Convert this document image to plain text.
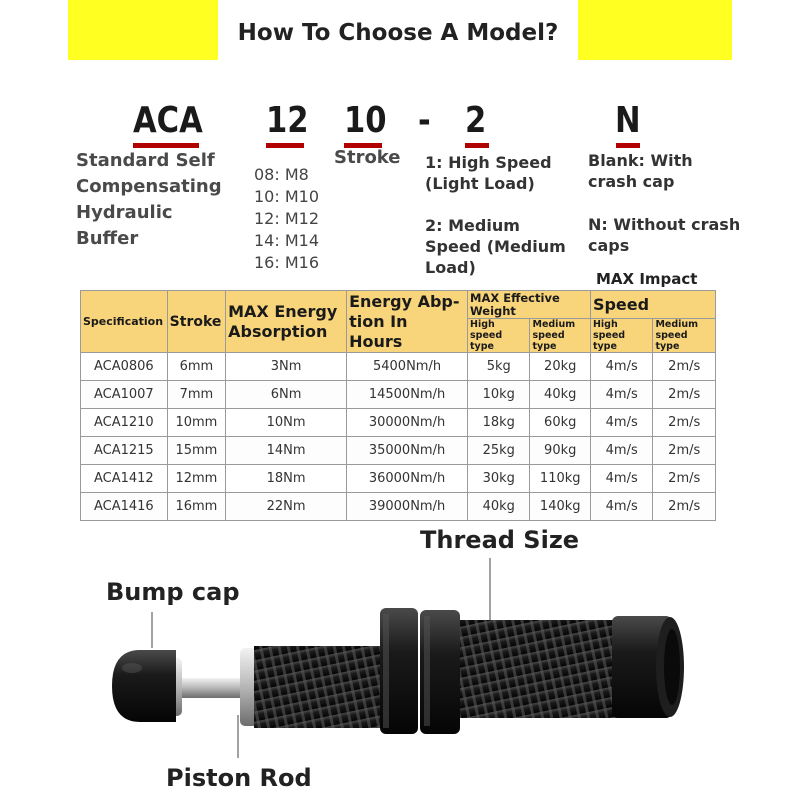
How To Choose A Model?
ACA 12 10 - 2	N
Standard Self
Compensating
Hydraulic
Buffer
08: M8
10: M10
12: M12
14: M14
16: M16
Stroke 1: High Speed
(Light Load)
2: Medium
Speed (Medium
Load)
Blank: With
crash cap
N: Without crash
caps
MAX Impact
Specification	Stroke	MAX Energy Absorption	Energy Abp-tion In Hours	MAX Effective Weight		Speed	
				High speed type	Medium speed type	High speed type	Medium speed type
ACA0806	6mm	3Nm	5400Nm/h	5kg	20kg	4m/s	2m/s
ACA1007	7mm	6Nm	14500Nm/h	10kg	40kg	4m/s	2m/s
ACA1210	10mm	10Nm	30000Nm/h	18kg	60kg	4m/s	2m/s
ACA1215	15mm	14Nm	35000Nm/h	25kg	90kg	4m/s	2m/s
ACA1412	12mm	18Nm	36000Nm/h	30kg	110kg	4m/s	2m/s
ACA1416	16mm	22Nm	39000Nm/h	40kg	140kg	4m/s	2m/s
Thread Size
Bump cap
Piston Rod
